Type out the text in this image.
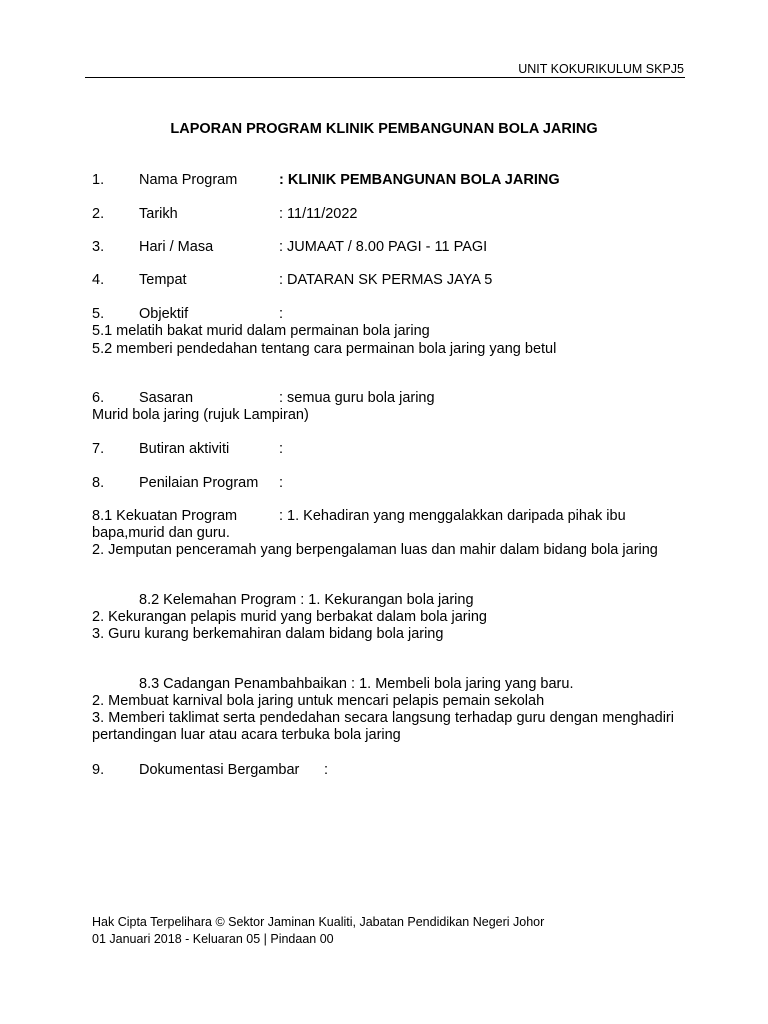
UNIT KOKURIKULUM SKPJ5
LAPORAN PROGRAM KLINIK PEMBANGUNAN BOLA JARING
1. Nama Program	: KLINIK PEMBANGUNAN BOLA JARING
2. Tarikh	: 11/11/2022
3. Hari / Masa	: JUMAAT / 8.00 PAGI - 11 PAGI
4. Tempat	: DATARAN SK PERMAS JAYA 5
5. Objektif	:
5.1 melatih bakat murid dalam permainan bola jaring
5.2 memberi pendedahan tentang cara permainan bola jaring yang betul
6. Sasaran	: semua guru bola jaring
Murid bola jaring (rujuk Lampiran)
7. Butiran aktiviti	:
8. Penilaian Program :
8.1 Kekuatan Program	: 1. Kehadiran yang menggalakkan daripada pihak ibu
bapa,murid dan guru.
2. Jemputan penceramah yang berpengalaman luas dan mahir dalam bidang bola jaring
8.2 Kelemahan Program : 1. Kekurangan bola jaring
2. Kekurangan pelapis murid yang berbakat dalam bola jaring
3. Guru kurang berkemahiran dalam bidang bola jaring
8.3 Cadangan Penambahbaikan : 1. Membeli bola jaring yang baru.
2. Membuat karnival bola jaring untuk mencari pelapis pemain sekolah
3. Memberi taklimat serta pendedahan secara langsung terhadap guru dengan menghadiri pertandingan luar atau acara terbuka bola jaring
9. Dokumentasi Bergambar :
Hak Cipta Terpelihara © Sektor Jaminan Kualiti, Jabatan Pendidikan Negeri Johor
01 Januari 2018 - Keluaran 05 | Pindaan 00
